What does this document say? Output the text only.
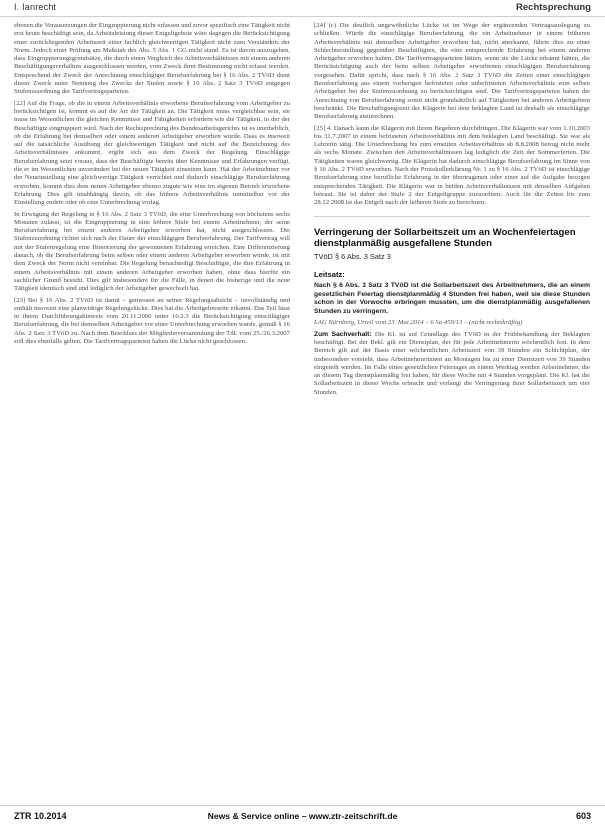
I. Ianrecht	Rechtsprechung

ebenen die Vorausetzungen der Eingruppierung nicht erfassen und zuvor spezifisch eine Tätigkeit nicht erst heute beschäftigt sein, da Arbeitsleistung dieser Entgeltgebote wäre dagegen die Berücksichtigung einer zurückliegenden Arbeitszeit einer fachlich gleichwertigen Tätigkeit nicht zum Verständnis der Norm. Jedoch einer Prüfung am Maßstab des Abs. 5 Abs. 1 GG nicht stand. Es ist davon auszugehen, dass Eingruppierungsgrundsätze, die durch einen Vergleich des Arbeitsverhältnisses mit einem anderen Beschäftigungsverhältnis ausgeschlossen werden, vom Zweck ihrer Bestimmung nicht erfasst werden. Entsprechend der Zweck der Anrechnung einschlägiger Berufserfahrung bei § 16 Abs. 2 TVöD dient dieser Zweck unter Nennung des Zwecks der Stufen sowie § 16 Abs. 2 Satz 3 TVöD entgegen Stufenzuordnung der Tarifvertragsparteien.

[22] Auf die Frage, ob die in einem Arbeitsverhältnis erworbene Berufserfahrung vom Arbeitgeber zu berücksichtigen ist, kommt es auf die Art der Tätigkeit an. Die Tätigkeit muss vergleichbar sein, sie muss im Wesentlichen die gleichen Kenntnisse und Fähigkeiten erfordern wie die Tätigkeit, in der der Beschäftigte eingruppiert wird. Nach der Rechtsprechung des Bundesarbeitsgerichts ist es unerheblich, ob die Erfahrung bei demselben oder einem anderen Arbeitgeber erworben wurde. Dass es insoweit auf die tatsächliche Ausübung der gleichwertigen Tätigkeit und nicht auf die Bezeichnung des Arbeitsverhältnisses ankommt, ergibt sich aus dem Zweck der Regelung. Einschlägige Berufserfahrung setzt voraus, dass der Beschäftigte bereits über Kenntnisse und Erfahrungen verfügt, die er im Wesentlichen unverändert bei der neuen Tätigkeit einsetzen kann. Hat der Arbeitnehmer vor der Neueinstellung eine gleichwertige Tätigkeit verrichtet und dadurch einschlägige Berufserfahrung erworben, kommt dies dem neuen Arbeitgeber ebenso zugute wie eine im eigenen Betrieb erworbene Erfahrung. Dies gilt unabhängig davon, ob das frühere Arbeitsverhältnis unmittelbar vor der Einstellung endete oder ob eine Unterbrechung vorlag.

In Erwägung der Regelung in § 16 Abs. 2 Satz 3 TVöD, die eine Unterbrechung von höchstens sechs Monaten zulässt, ist die Eingruppierung in eine höhere Stufe bei einem Arbeitnehmer, der seine Berufserfahrung bei einem anderen Arbeitgeber erworben hat, nicht ausgeschlossen. Die Stufenzuordnung richtet sich nach der Dauer der einschlägigen Berufserfahrung. Der Tarifvertrag will mit der Stufenregelung eine Honorierung der gewonnenen Erfahrung erreichen. Eine Differenzierung danach, ob die Berufserfahrung beim selben oder einem anderen Arbeitgeber erworben wurde, ist mit dem Zweck der Norm nicht vereinbar. Die Regelung benachteiligt Beschäftigte, die ihre Erfahrung in einem Arbeitsverhältnis mit einem anderen Arbeitgeber erworben haben, ohne dass hierfür ein sachlicher Grund besteht. Dies gilt insbesondere für die Fälle, in denen die bisherige und die neue Tätigkeit identisch sind und lediglich der Arbeitgeber gewechselt hat.

[23] Bei § 16 Abs. 2 TVöD ist damit – gemessen an seiner Regelungsabsicht – unvollständig und enthält insoweit eine planwidrige Regelungslücke. Dies hat die Arbeitgeberseite erkannt. Das Teil lässt in ihrem Durchführungshinweis vom 20.11.2006 unter 10.2.3 die Berücksichtigung einschlägiger Berufserfahrung, die bei demselben Arbeitgeber vor einer Unterbrechung erworben wurde, gemäß § 16 Abs. 2 Satz 3 TVöD zu. Nach dem Beschluss der Mitgliederversammlung der TdL vom 25./26.3.2007 soll dies ebenfalls gelten. Die Tarifvertragsparteien haben die Lücke nicht geschlossen.

[24] (c) Die deutlich ungewöhnliche Lücke ist im Wege der ergänzenden Vertragsauslegung zu schließen. Würde die einschlägige Berufserfahrung, die ein Arbeitnehmer in einem früheren Arbeitsverhältnis mit demselben Arbeitgeber erworben hat, nicht anerkannt, führte dies zu einer Schlechterstellung gegenüber Beschäftigten, die eine entsprechende Erfahrung bei einem anderen Arbeitgeber erworben haben. Die Tarifvertragsparteien hätten, wenn sie die Lücke erkannt hätten, die Berücksichtigung auch der beim selben Arbeitgeber erworbenen einschlägigen Berufserfahrung vorgesehen. Dafür spricht, dass nach § 16 Abs. 2 Satz 3 TVöD die Zeiten einer einschlägigen Berufserfahrung aus einem vorherigen befristeten oder unbefristeten Arbeitsverhältnis zum selben Arbeitgeber bei der Stufenzuordnung zu berücksichtigen sind. Die Tarifvertragsparteien haben die Anrechnung von Berufserfahrung somit nicht grundsätzlich auf Tätigkeiten bei anderen Arbeitgebern beschränkt. Die Beschäftigungszeit der Klägerin bei dem beklagten Land ist deshalb als einschlägige Berufserfahrung anzurechnen.

[25] 4. Danach kann die Klägerin mit ihrem Begehren durchdringen. Die Klägerin war vom 1.10.2003 bis 31.7.2007 in einem befristeten Arbeitsverhältnis mit dem beklagten Land beschäftigt. Sie war als Lehrerin tätig. Die Unterbrechung bis zum erneuten Arbeitsverhältnis ab 8.8.2008 betrug nicht mehr als sechs Monate. Zwischen den Arbeitsverhältnissen lag lediglich die Zeit der Sommerferien. Die Tätigkeiten waren gleichwertig. Die Klägerin hat dadurch einschlägige Berufserfahrung im Sinne von § 16 Abs. 2 TVöD erworben. Nach der Protokollerklärung Nr. 1 zu § 16 Abs. 2 TVöD ist einschlägige Berufserfahrung eine berufliche Erfahrung in der übertragenen oder einer auf die Aufgabe bezogen entsprechenden Tätigkeit. Die Klägerin war in beiden Arbeitsverhältnissen mit denselben Aufgaben betraut. Sie ist daher der Stufe 2 der Entgeltgruppe zuzuordnen. Auch für die Zeiten bis zum 28.12.2008 ist das Entgelt nach der höheren Stufe zu berechnen.

Verringerung der Sollarbeitszeit um an Wochenfeiertagen dienstplanmäßig ausgefallene Stunden
TVöD § 6 Abs. 3 Satz 3
Leitsatz:

Nach § 6 Abs. 3 Satz 3 TVöD ist die Sollarbeitszeit des Arbeitnehmers, die an einem gesetzlichen Feiertag dienstplanmäßig 4 Stunden frei haben, weil sie diese Stunden schon in der Vorwoche erbringen mussten, um die dienstplanmäßig ausgefallenen Stunden zu verringern.

LAG Nürnberg, Urteil vom 23. Mai 2014 – 6 Sa 459/13 – (nicht rechtskräftig)

Zum Sachverhalt: Die Kl. ist auf Grundlage des TVöD in der Frühbehandlung der Beklagten beschäftigt. Bei der Bekl. gilt ein Dienstplan, der für jede Arbeitnehmerin wöchentlich fest. In dem Bereich gilt auf der Basis einer wöchentlichen Arbeitszeit von 39 Stunden ein Schichtplan, der insbesondere vorsieht, dass Arbeitnehmerinnen an Montagen bis zu einer Dienstzeit von 39 Stunden eingeteilt werden. Im Falle eines gesetzlichen Feiertages an einem Werktag werden Arbeitnehmer, die an diesem Tag dienstplanmäßig frei haben, für diese Woche mit 4 Stunden vorgeplant. Die Kl. hat die Sollarbeitszeit in dieser Woche erbracht und verlangt die Verringerung ihrer Sollarbeitszeit um vier Stunden.

ZTR 10.2014	News & Service online – www.ztr-zeitschrift.de	603
